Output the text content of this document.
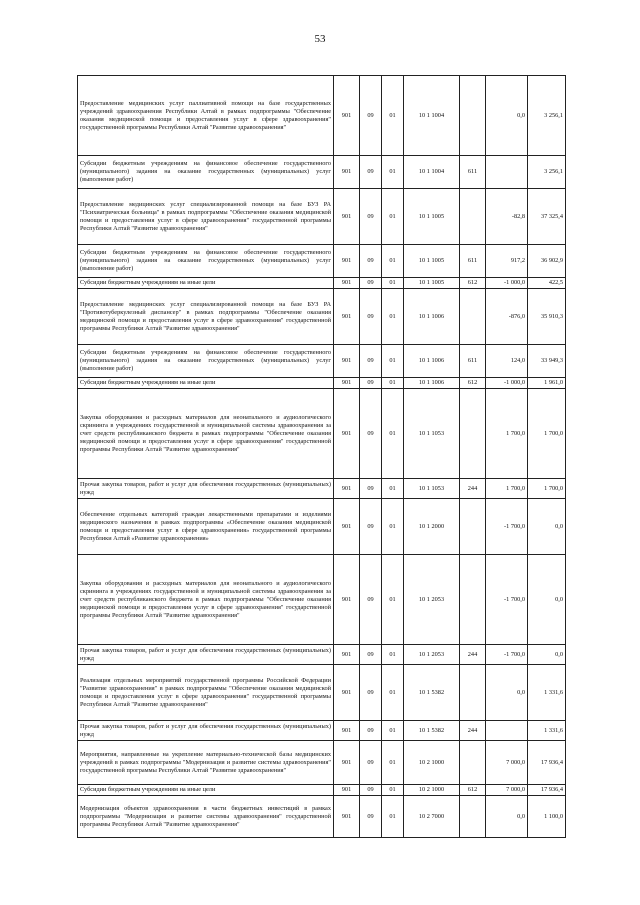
53
Предоставление медицинских услуг паллиативной помощи на базе государственных учреждений здравоохранения Республики Алтай в рамках подпрограммы "Обеспечение оказания медицинской помощи и предоставления услуг в сфере здравоохранения" государственной программы Республики Алтай "Развитие здравоохранения"	901	09	01	10 1 1004		0,0	3 256,1
Субсидии бюджетным учреждениям на финансовое обеспечение государственного (муниципального) задания на оказание государственных (муниципальных) услуг (выполнение работ)	901	09	01	10 1 1004	611		3 256,1
Предоставление медицинских услуг специализированной помощи на базе БУЗ РА "Психиатрическая больница" в рамках подпрограммы "Обеспечение оказания медицинской помощи и предоставления услуг в сфере здравоохранения" государственной программы Республики Алтай "Развитие здравоохранения"	901	09	01	10 1 1005		-82,8	37 325,4
Субсидии бюджетным учреждениям на финансовое обеспечение государственного (муниципального) задания на оказание государственных (муниципальных) услуг (выполнение работ)	901	09	01	10 1 1005	611	917,2	36 902,9
Субсидии бюджетным учреждениям на иные цели	901	09	01	10 1 1005	612	-1 000,0	422,5
Предоставление медицинских услуг специализированной помощи на базе БУЗ РА "Противотуберкулезный диспансер" в рамках подпрограммы "Обеспечение оказания медицинской помощи и предоставления услуг в сфере здравоохранения" государственной программы Республики Алтай "Развитие здравоохранения"	901	09	01	10 1 1006		-876,0	35 910,3
Субсидии бюджетным учреждениям на финансовое обеспечение государственного (муниципального) задания на оказание государственных (муниципальных) услуг (выполнение работ)	901	09	01	10 1 1006	611	124,0	33 949,3
Субсидии бюджетным учреждениям на иные цели	901	09	01	10 1 1006	612	-1 000,0	1 961,0
Закупка оборудования и расходных материалов для неонатального и аудиологического скрининга в учреждениях государственной и муниципальной системы здравоохранения за счет средств республиканского бюджета в рамках подпрограммы "Обеспечение оказания медицинской помощи и предоставления услуг в сфере здравоохранения" государственной программы Республики Алтай "Развитие здравоохранения"	901	09	01	10 1 1053		1 700,0	1 700,0
Прочая закупка товаров, работ и услуг для обеспечения государственных (муниципальных) нужд	901	09	01	10 1 1053	244	1 700,0	1 700,0
Обеспечение отдельных категорий граждан лекарственными препаратами и изделиями медицинского назначения в рамках подпрограммы «Обеспечение оказания медицинской помощи и предоставления услуг в сфере здравоохранения» государственной программы Республики Алтай «Развитие здравоохранения»	901	09	01	10 1 2000		-1 700,0	0,0
Закупка оборудования и расходных материалов для неонатального и аудиологического скрининга в учреждениях государственной и муниципальной системы здравоохранения за счет средств республиканского бюджета в рамках подпрограммы "Обеспечение оказания медицинской помощи и предоставления услуг в сфере здравоохранения" государственной программы Республики Алтай "Развитие здравоохранения"	901	09	01	10 1 2053		-1 700,0	0,0
Прочая закупка товаров, работ и услуг для обеспечения государственных (муниципальных) нужд	901	09	01	10 1 2053	244	-1 700,0	0,0
Реализация отдельных мероприятий государственной программы Российской Федерации "Развитие здравоохранения" в рамках подпрограммы "Обеспечение оказания медицинской помощи и предоставления услуг в сфере здравоохранения" государственной программы Республики Алтай "Развитие здравоохранения"	901	09	01	10 1 5382		0,0	1 331,6
Прочая закупка товаров, работ и услуг для обеспечения государственных (муниципальных) нужд	901	09	01	10 1 5382	244		1 331,6
Мероприятия, направленные на укрепление материально-технической базы медицинских учреждений в рамках подпрограммы "Модернизация и развитие системы здравоохранения" государственной программы Республики Алтай "Развитие здравоохранения"	901	09	01	10 2 1000		7 000,0	17 936,4
Субсидии бюджетным учреждениям на иные цели	901	09	01	10 2 1000	612	7 000,0	17 936,4
Модернизация объектов здравоохранения в части бюджетных инвестиций в рамках подпрограммы "Модернизация и развитие системы здравоохранения" государственной программы Республики Алтай "Развитие здравоохранения"	901	09	01	10 2 7000		0,0	1 100,0
